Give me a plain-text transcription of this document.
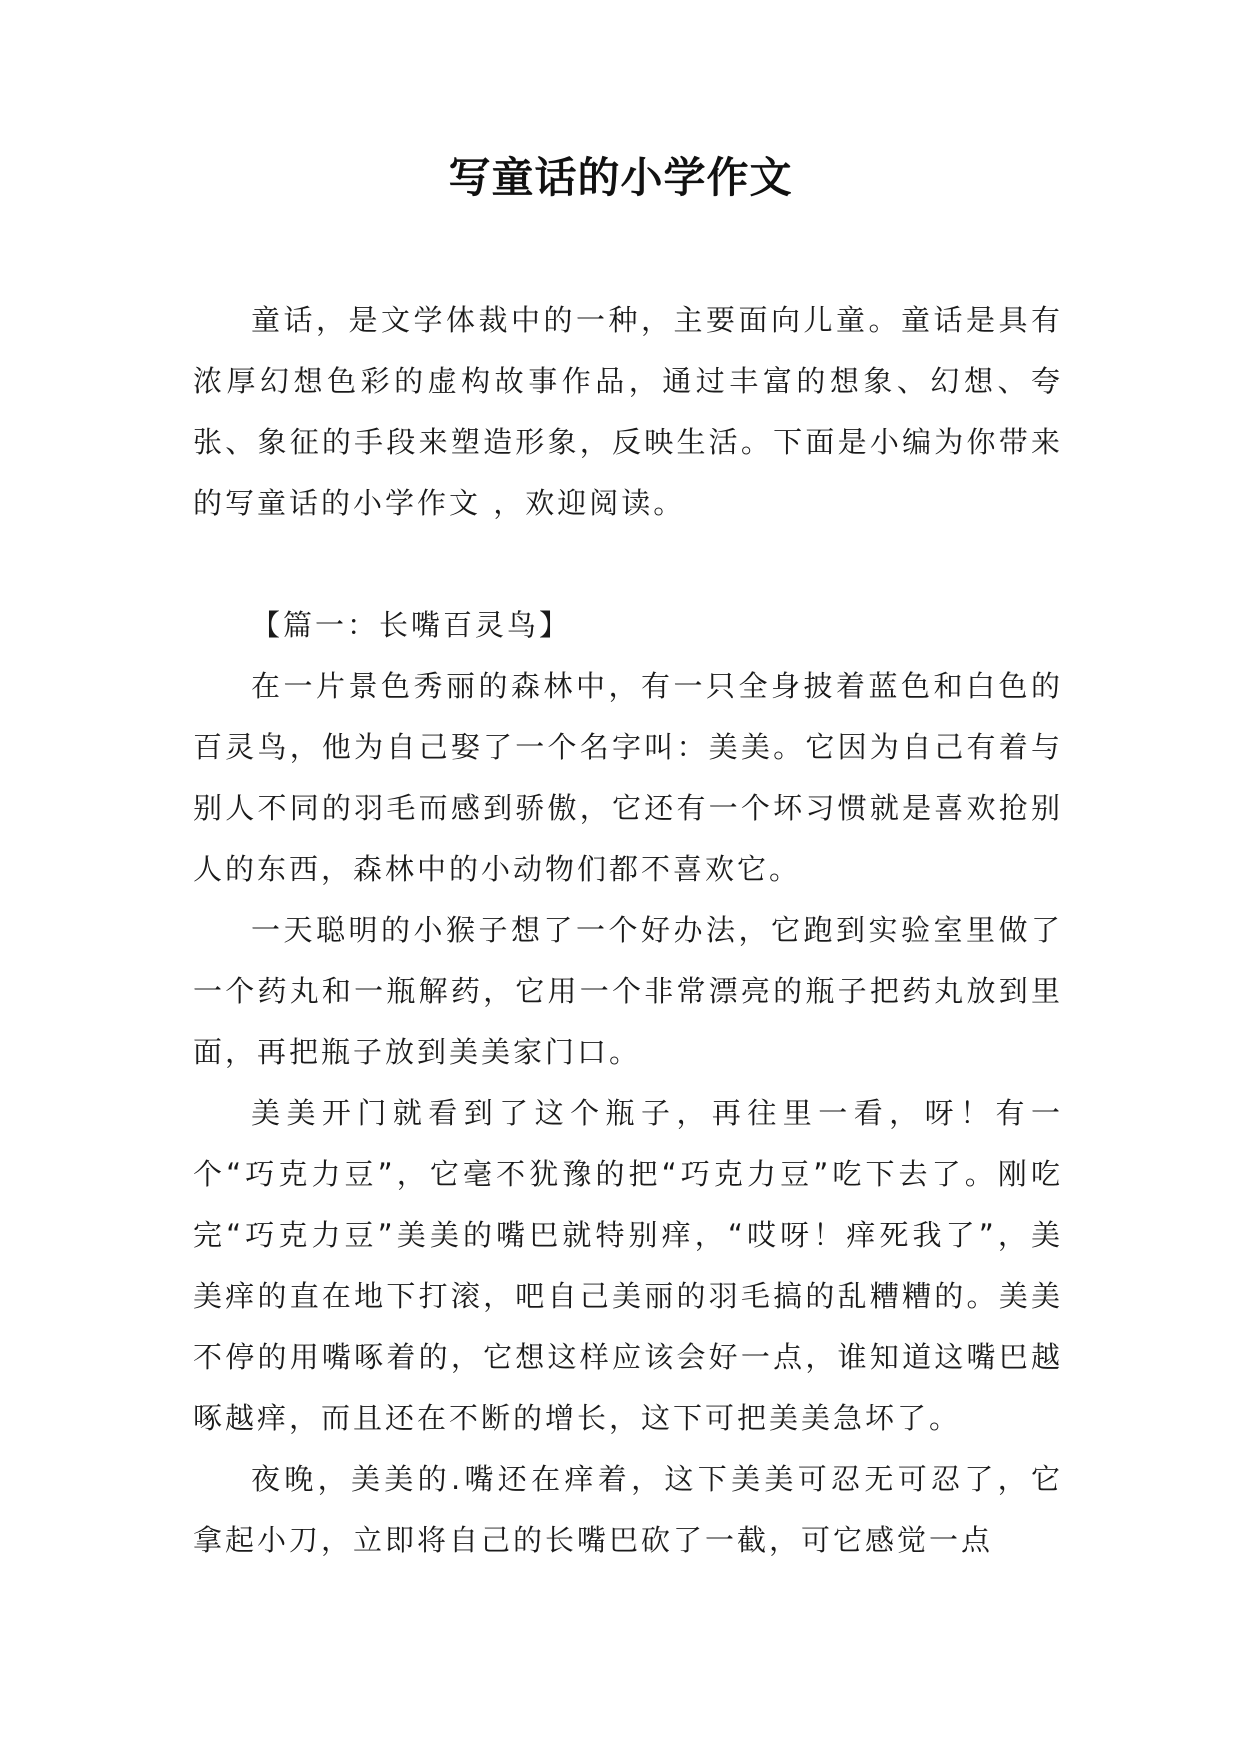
写童话的小学作文

童话，是文学体裁中的一种，主要面向儿童。童话是具有浓厚幻想色彩的虚构故事作品，通过丰富的想象、幻想、夸张、象征的手段来塑造形象，反映生活。下面是小编为你带来的写童话的小学作文 ，欢迎阅读。

【篇一：长嘴百灵鸟】

在一片景色秀丽的森林中，有一只全身披着蓝色和白色的百灵鸟，他为自己娶了一个名字叫：美美。它因为自己有着与别人不同的羽毛而感到骄傲，它还有一个坏习惯就是喜欢抢别人的东西，森林中的小动物们都不喜欢它。

一天聪明的小猴子想了一个好办法，它跑到实验室里做了一个药丸和一瓶解药，它用一个非常漂亮的瓶子把药丸放到里面，再把瓶子放到美美家门口。

美美开门就看到了这个瓶子，再往里一看，呀！有一个“巧克力豆”，它毫不犹豫的把“巧克力豆”吃下去了。刚吃完“巧克力豆”美美的嘴巴就特别痒，“哎呀！痒死我了”，美美痒的直在地下打滚，吧自己美丽的羽毛搞的乱糟糟的。美美不停的用嘴啄着的，它想这样应该会好一点，谁知道这嘴巴越啄越痒，而且还在不断的增长，这下可把美美急坏了。

夜晚，美美的.嘴还在痒着，这下美美可忍无可忍了，它拿起小刀，立即将自己的长嘴巴砍了一截，可它感觉一点
